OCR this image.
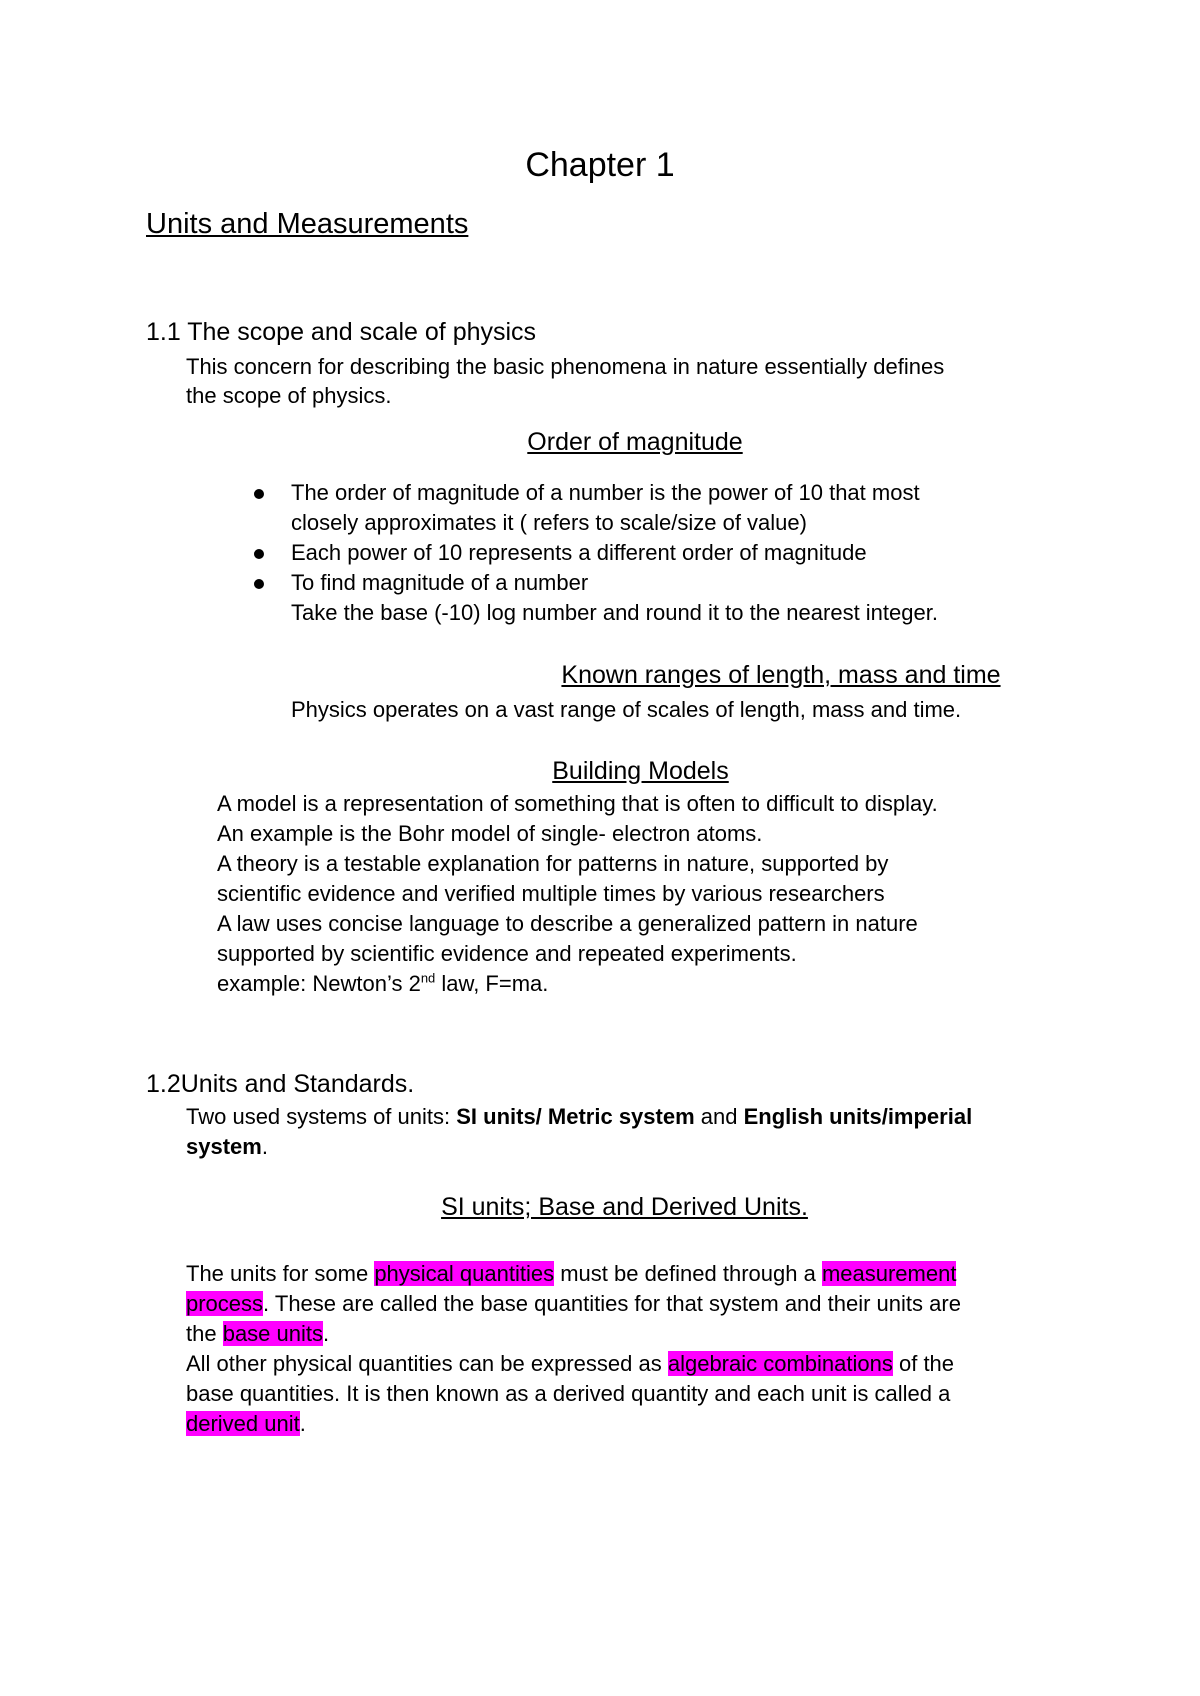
Chapter 1
Units and Measurements
1.1 The scope and scale of physics
This concern for describing the basic phenomena in nature essentially defines
the scope of physics.
Order of magnitude
The order of magnitude of a number is the power of 10 that most
closely approximates it ( refers to scale/size of value)
Each power of 10 represents a different order of magnitude
To find magnitude of a number
Take the base (-10) log number and round it to the nearest integer.
Known ranges of length, mass and time
Physics operates on a vast range of scales of length, mass and time.
Building Models
A model is a representation of something that is often to difficult to display.
An example is the Bohr model of single- electron atoms.
A theory is a testable explanation for patterns in nature, supported by
scientific evidence and verified multiple times by various researchers
A law uses concise language to describe a generalized pattern in nature
supported by scientific evidence and repeated experiments.
example: Newton’s 2nd law, F=ma.
1.2Units and Standards.
Two used systems of units: SI units/ Metric system and English units/imperial
system.
SI units; Base and Derived Units.
The units for some physical quantities must be defined through a measurement
process. These are called the base quantities for that system and their units are
the base units.
All other physical quantities can be expressed as algebraic combinations of the
base quantities. It is then known as a derived quantity and each unit is called a
derived unit.
